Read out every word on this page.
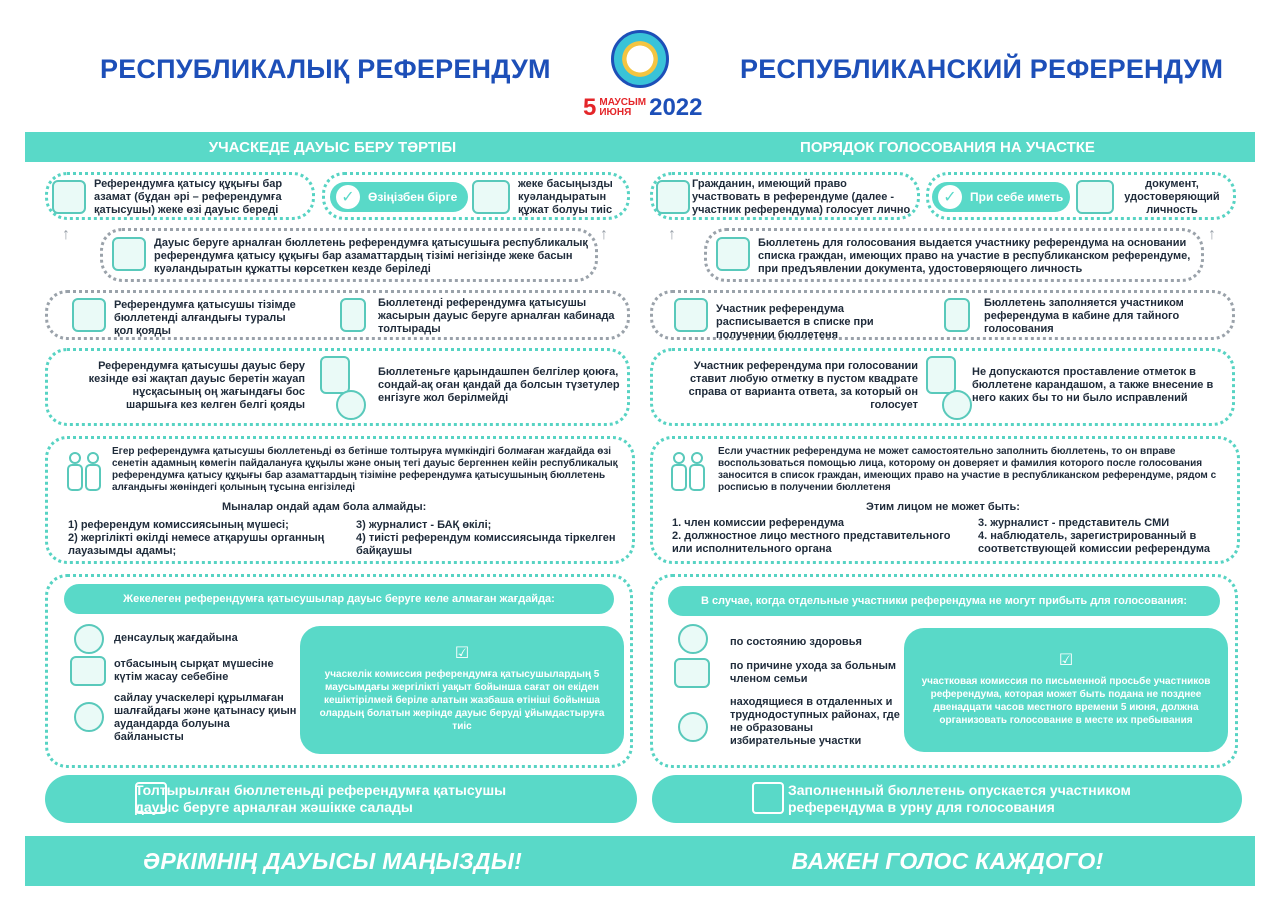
РЕСПУБЛИКАЛЫҚ РЕФЕРЕНДУМ	РЕСПУБЛИКАНСКИЙ РЕФЕРЕНДУМ
5 МАУСЫМ
ИЮНЯ 2022
УЧАСКЕДЕ ДАУЫС БЕРУ ТӘРТІБІ	ПОРЯДОК ГОЛОСОВАНИЯ НА УЧАСТКЕ
Референдумға қатысу құқығы бар азамат (бұдан әрі – референдумға қатысушы) жеке өзі дауыс береді
✓	Өзіңізбен бірге
жеке басыңызды куәландыратын құжат болуы тиіс
↑	↑
Дауыс беруге арналған бюллетень референдумға қатысушыға республикалық референдумға қатысу құқығы бар азаматтардың тізімі негізінде жеке басын куәландыратын құжатты көрсеткен кезде беріледі
Референдумға қатысушы тізімде бюллетенді алғандығы туралы қол қояды
Бюллетенді референдумға қатысушы жасырын дауыс беруге арналған кабинада толтырады
Референдумға қатысушы дауыс беру кезінде өзі жақтап дауыс беретін жауап нұсқасының оң жағындағы бос шаршыға кез келген белгі қояды
Бюллетеньге қарындашпен белгілер қоюға, сондай-ақ оған қандай да болсын түзетулер енгізуге жол берілмейді
Егер референдумға қатысушы бюллетеньді өз бетінше толтыруға мүмкіндігі болмаған жағдайда өзі сенетін адамның көмегін пайдалануға құқылы және оның тегі дауыс бергеннен кейін республикалық референдумға қатысу құқығы бар азаматтардың тізіміне референдумға қатысушының бюллетень алғандығы жөніндегі қолының тұсына енгізіледі
Мыналар ондай адам бола алмайды:
1) референдум комиссиясының мүшесі;
2) жергілікті өкілді немесе атқарушы органның лауазымды адамы;
3) журналист - БАҚ өкілі;
4) тиісті референдум комиссиясында тіркелген байқаушы
Жекелеген референдумға қатысушылар дауыс беруге келе алмаған жағдайда:
денсаулық жағдайына
отбасының сырқат мүшесіне күтім жасау себебіне
сайлау учаскелері құрылмаған шалғайдағы және қатынасу қиын аудандарда болуына байланысты
☑
учаскелік комиссия референдумға қатысушылардың 5 маусымдағы жергілікті уақыт бойынша сағат он екіден кешіктірілмей берілe алатын жазбаша өтініші бойынша олардың болатын жерінде дауыс беруді ұйымдастыруға тиіс
Толтырылған бюллетеньді референдумға қатысушы дауыс беруге арналған жәшікке салады
Гражданин, имеющий право участвовать в референдуме (далее - участник референдума) голосует лично
✓	При себе иметь
документ, удостоверяющий личность
↑	↑
Бюллетень для голосования выдается участнику референдума на основании списка граждан, имеющих право на участие в республиканском референдуме, при предъявлении документа, удостоверяющего личность
Участник референдума расписывается в списке при получении бюллетеня
Бюллетень заполняется участником референдума в кабине для тайного голосования
Участник референдума при голосовании ставит любую отметку в пустом квадрате справа от варианта ответа, за который он голосует
Не допускаются проставление отметок в бюллетене карандашом, а также внесение в него каких бы то ни было исправлений
Если участник референдума не может самостоятельно заполнить бюллетень, то он вправе воспользоваться помощью лица, которому он доверяет и фамилия которого после голосования заносится в список граждан, имеющих право на участие в республиканском референдуме, рядом с росписью в получении бюллетеня
Этим лицом не может быть:
1. член комиссии референдума
2. должностное лицо местного представительного или исполнительного органа
3. журналист - представитель СМИ
4. наблюдатель, зарегистрированный в соответствующей комиссии референдума
В случае, когда отдельные участники референдума не могут прибыть для голосования:
по состоянию здоровья
по причине ухода за больным членом семьи
находящиеся в отдаленных и труднодоступных районах, где не образованы избирательные участки
☑
участковая комиссия по письменной просьбе участников референдума, которая может быть подана не позднее двенадцати часов местного времени 5 июня, должна организовать голосование в месте их пребывания
Заполненный бюллетень опускается участником референдума в урну для голосования
ӘРКІМНІҢ ДАУЫСЫ МАҢЫЗДЫ!	ВАЖЕН ГОЛОС КАЖДОГО!
